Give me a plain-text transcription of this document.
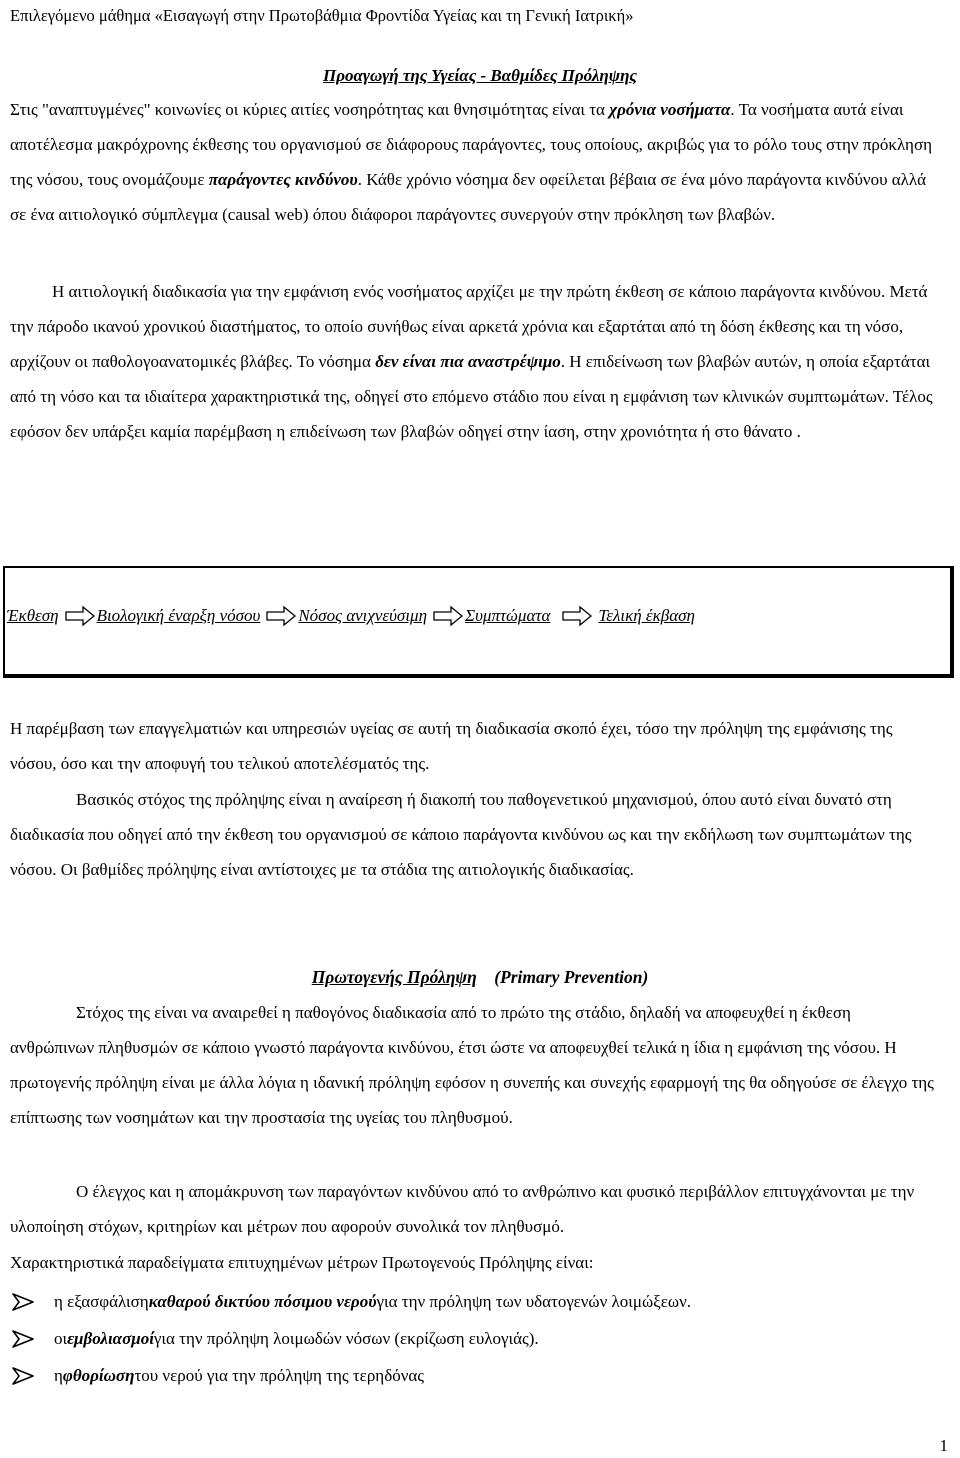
Επιλεγόμενο μάθημα «Εισαγωγή στην Πρωτοβάθμια Φροντίδα Υγείας και τη Γενική Ιατρική»
Προαγωγή της Υγείας - Βαθμίδες Πρόληψης
Στις "αναπτυγμένες" κοινωνίες οι κύριες αιτίες νοσηρότητας και θνησιμότητας είναι τα χρόνια νοσήματα. Τα νοσήματα αυτά είναι αποτέλεσμα μακρόχρονης έκθεσης του οργανισμού σε διάφορους παράγοντες, τους οποίους, ακριβώς για το ρόλο τους στην πρόκληση της νόσου, τους ονομάζουμε παράγοντες κινδύνου. Κάθε χρόνιο νόσημα δεν οφείλεται βέβαια σε ένα μόνο παράγοντα κινδύνου αλλά σε ένα αιτιολογικό σύμπλεγμα (causal web) όπου διάφοροι παράγοντες συνεργούν στην πρόκληση των βλαβών.
Η αιτιολογική διαδικασία για την εμφάνιση ενός νοσήματος αρχίζει με την πρώτη έκθεση σε κάποιο παράγοντα κινδύνου. Μετά την πάροδο ικανού χρονικού διαστήματος, το οποίο συνήθως είναι αρκετά χρόνια και εξαρτάται από τη δόση έκθεσης και τη νόσο, αρχίζουν οι παθολογοανατομικές βλάβες. Το νόσημα δεν είναι πια αναστρέψιμο. Η επιδείνωση των βλαβών αυτών, η οποία εξαρτάται από τη νόσο και τα ιδιαίτερα χαρακτηριστικά της, οδηγεί στο επόμενο στάδιο που είναι η εμφάνιση των κλινικών συμπτωμάτων. Τέλος εφόσον δεν υπάρξει καμία παρέμβαση η επιδείνωση των βλαβών οδηγεί στην ίαση, στην χρονιότητα ή στο θάνατο .
Έκθεση Βιολογική έναρξη νόσου Νόσος ανιχνεύσιμη Συμπτώματα	Τελική έκβαση
Η παρέμβαση των επαγγελματιών και υπηρεσιών υγείας σε αυτή τη διαδικασία σκοπό έχει, τόσο την πρόληψη της εμφάνισης της νόσου, όσο και την αποφυγή του τελικού αποτελέσματός της.
Βασικός στόχος της πρόληψης είναι η αναίρεση ή διακοπή του παθογενετικού μηχανισμού, όπου αυτό είναι δυνατό στη διαδικασία που οδηγεί από την έκθεση του οργανισμού σε κάποιο παράγοντα κινδύνου ως και την εκδήλωση των συμπτωμάτων της νόσου. Οι βαθμίδες πρόληψης είναι αντίστοιχες με τα στάδια της αιτιολογικής διαδικασίας.
Πρωτογενής Πρόληψη (Primary Prevention)
Στόχος της είναι να αναιρεθεί η παθογόνος διαδικασία από το πρώτο της στάδιο, δηλαδή να αποφευχθεί η έκθεση ανθρώπινων πληθυσμών σε κάποιο γνωστό παράγοντα κινδύνου, έτσι ώστε να αποφευχθεί τελικά η ίδια η εμφάνιση της νόσου. Η πρωτογενής πρόληψη είναι με άλλα λόγια η ιδανική πρόληψη εφόσον η συνεπής και συνεχής εφαρμογή της θα οδηγούσε σε έλεγχο της επίπτωσης των νοσημάτων και την προστασία της υγείας του πληθυσμού.
Ο έλεγχος και η απομάκρυνση των παραγόντων κινδύνου από το ανθρώπινο και φυσικό περιβάλλον επιτυγχάνονται με την υλοποίηση στόχων, κριτηρίων και μέτρων που αφορούν συνολικά τον πληθυσμό.
Χαρακτηριστικά παραδείγματα επιτυχημένων μέτρων Πρωτογενούς Πρόληψης είναι:
η εξασφάλιση καθαρού δικτύου πόσιμου νερού για την πρόληψη των υδατογενών λοιμώξεων.
οι εμβολιασμοί για την πρόληψη λοιμωδών νόσων (εκρίζωση ευλογιάς).
η φθορίωση του νερού για την πρόληψη της τερηδόνας
1
